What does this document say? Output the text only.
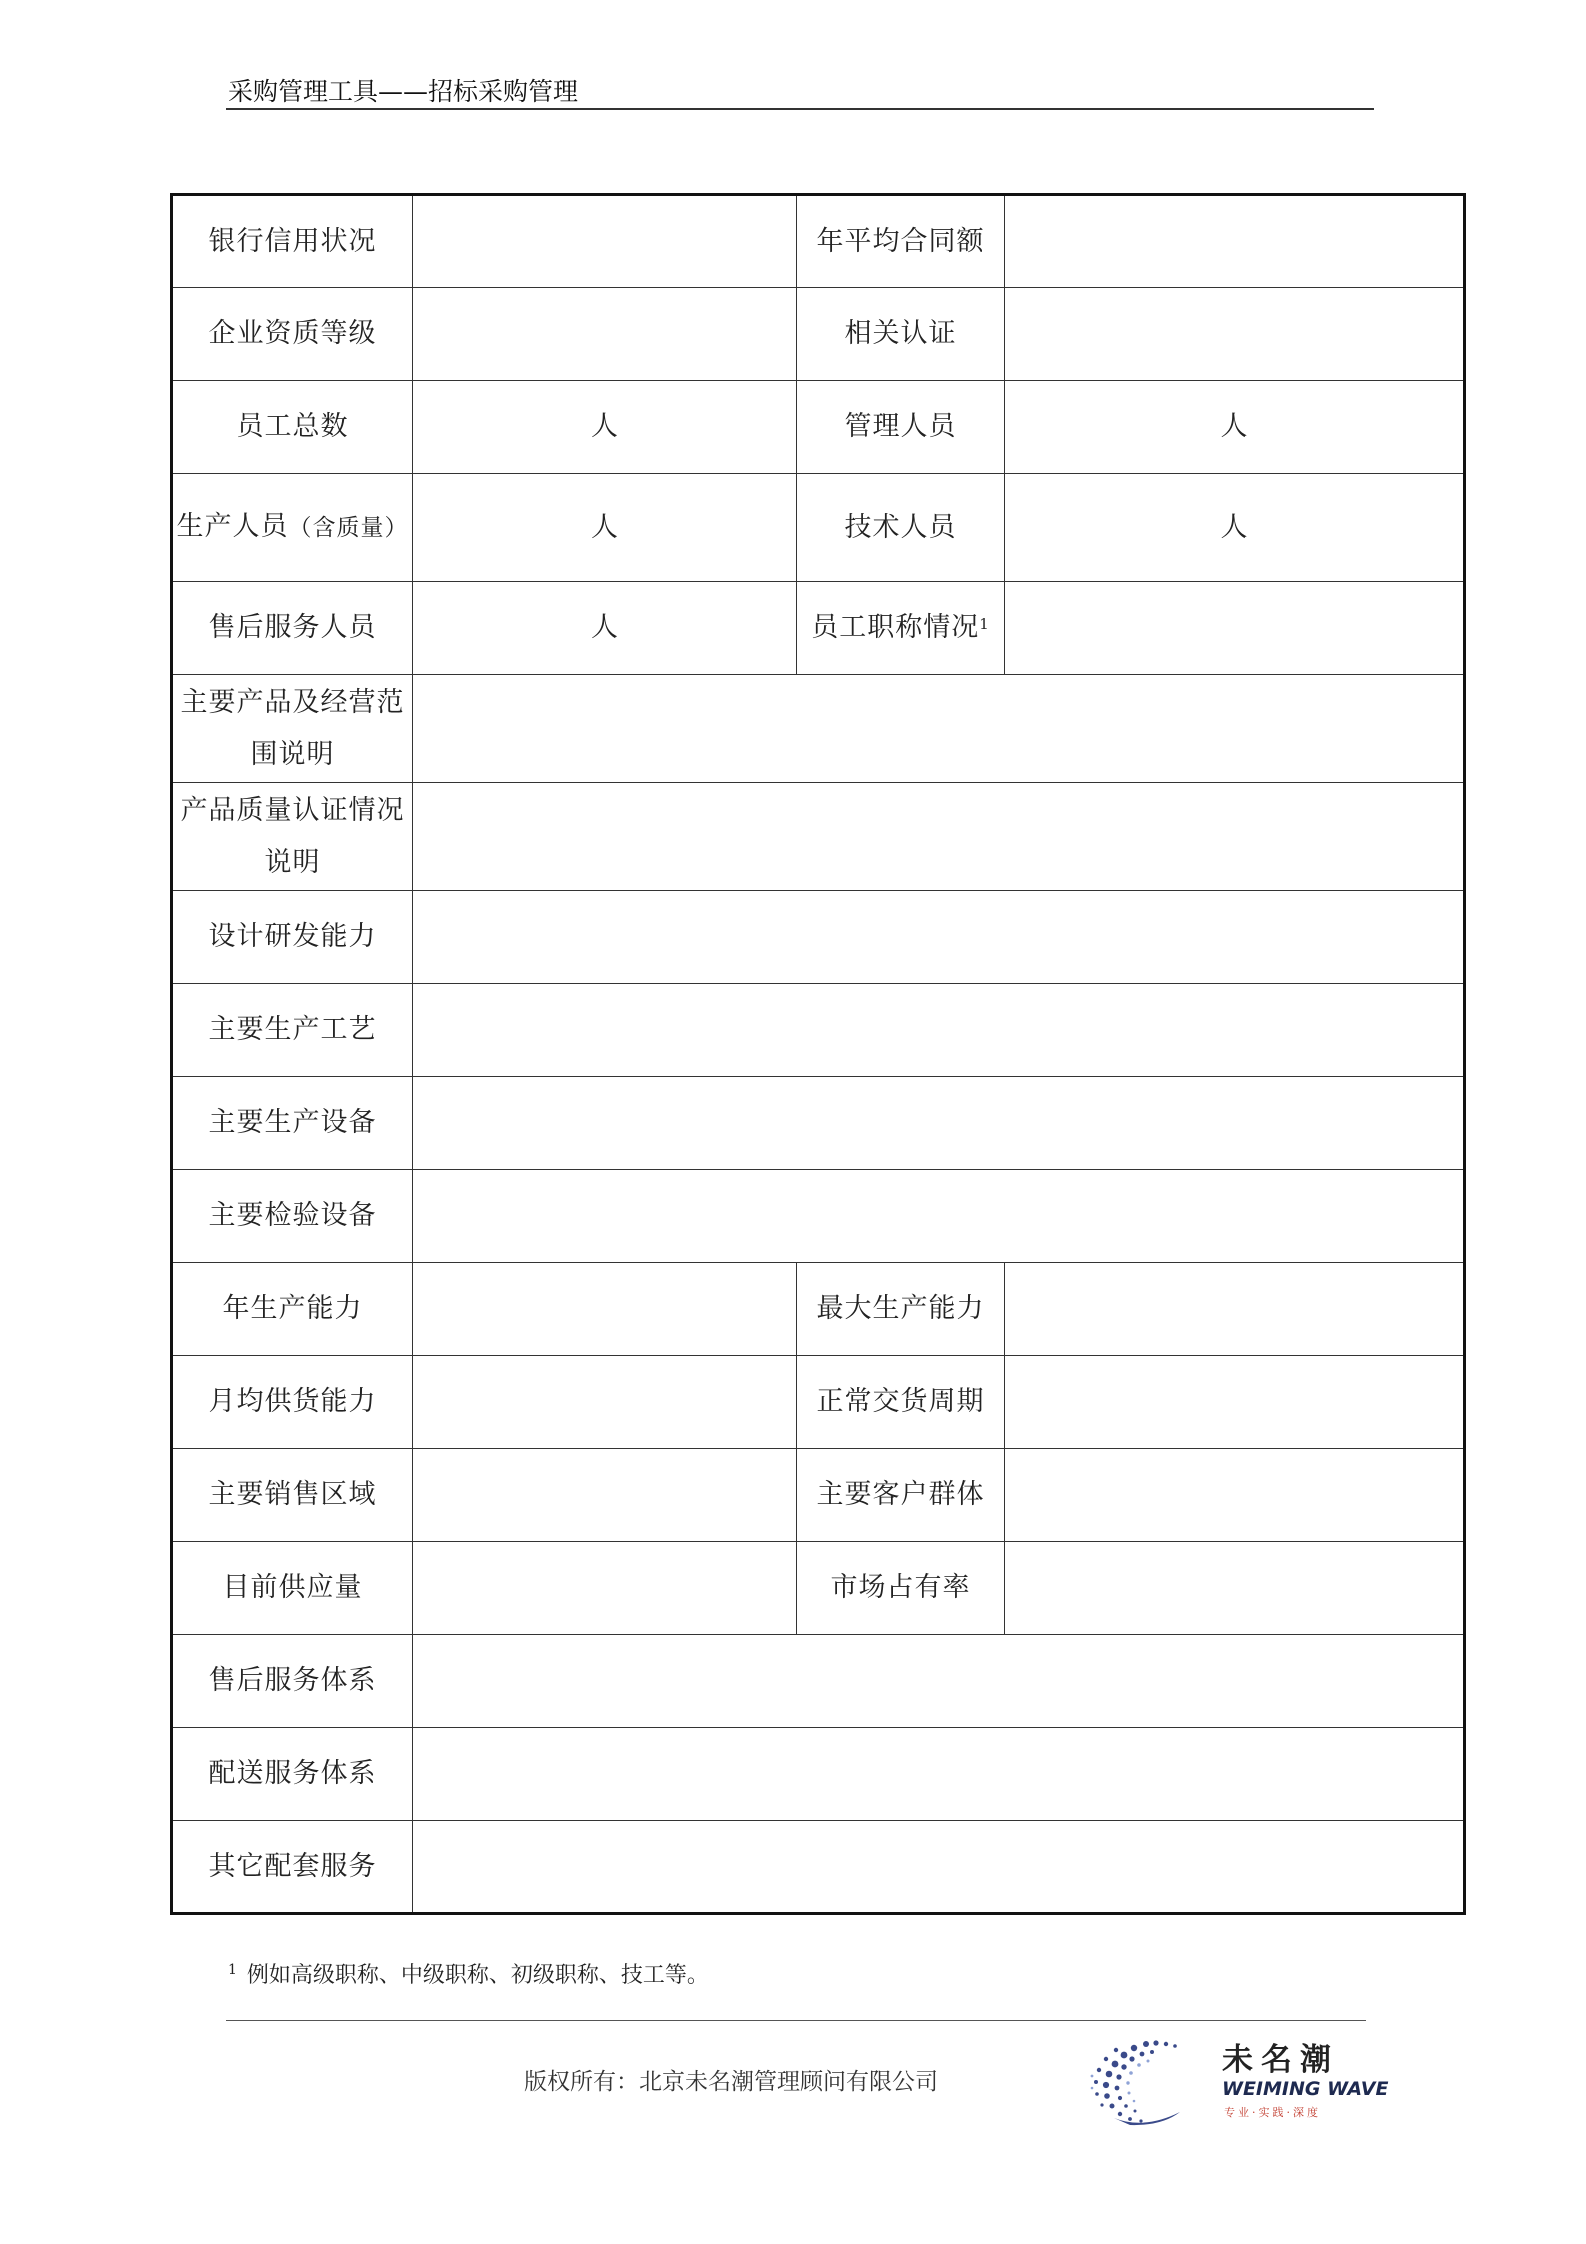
采购管理工具——招标采购管理
银行信用状况		年平均合同额	
企业资质等级		相关认证	
员工总数	人	管理人员	人
生产人员（含质量）	人	技术人员	人
售后服务人员	人	员工职称情况$^1$	
主要产品及经营范围说明			
产品质量认证情况说明			
设计研发能力			
主要生产工艺			
主要生产设备			
主要检验设备			
年生产能力		最大生产能力	
月均供货能力		正常交货周期	
主要销售区域		主要客户群体	
目前供应量		市场占有率	
售后服务体系			
配送服务体系			
其它配套服务			
$^1$ 例如高级职称、中级职称、初级职称、技工等。
版权所有：北京未名潮管理顾问有限公司
未名潮
WEIMING WAVE
专业·实践·深度
